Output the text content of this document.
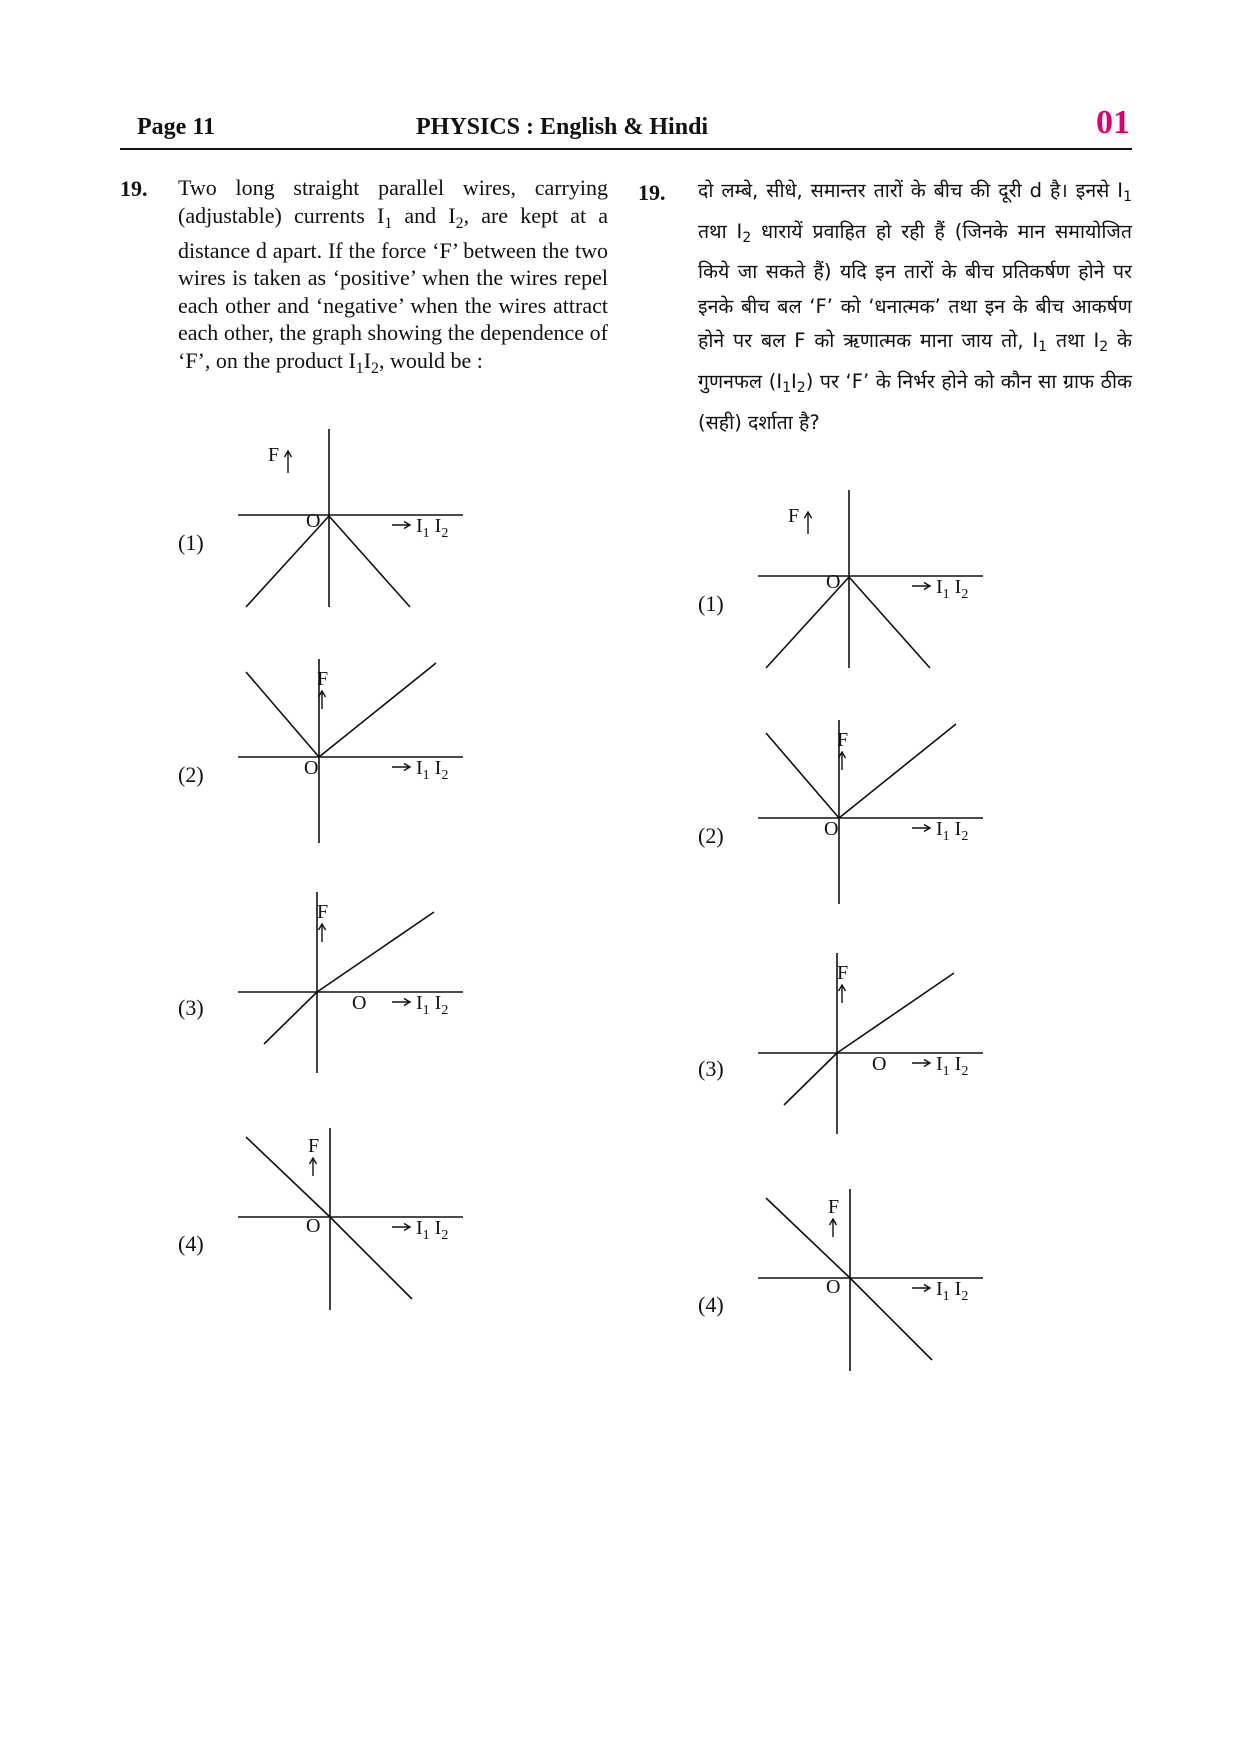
Page 11	PHYSICS : English & Hindi	01
19.	19.
Two long straight parallel wires, carrying (adjustable) currents $I_1$ and $I_2$, are kept at a distance d apart. If the force ‘F’ between the two wires is taken as ‘positive’ when the wires repel each other and ‘negative’ when the wires attract each other, the graph showing the dependence of ‘F’, on the product $I_1I_2$, would be :
दो लम्बे, सीधे, समान्तर तारों के बीच की दूरी d है। इनसे $I_1$ तथा $I_2$ धारायें प्रवाहित हो रही हैं (जिनके मान समायोजित किये जा सकते हैं) यदि इन तारों के बीच प्रतिकर्षण होने पर इनके बीच बल ‘F’ को ‘धनात्मक’ तथा इन के बीच आकर्षण होने पर बल F को ऋणात्मक माना जाय तो, $I_1$ तथा $I_2$ के गुणनफल $(I_1I_2)$ पर ‘F’ के निर्भर होने को कौन सा ग्राफ ठीक (सही) दर्शाता है?
(1)
(2)
(3)
(4)
(1)
(2)
(3)
(4)
F
O	$I_1$ $I_2$
F
O	$I_1$ $I_2$
F
O $I_1$ $I_2$
F
O	$I_1$ $I_2$
F
O	$I_1$ $I_2$
F
O	$I_1$ $I_2$
F
O $I_1$ $I_2$
F
O	$I_1$ $I_2$
